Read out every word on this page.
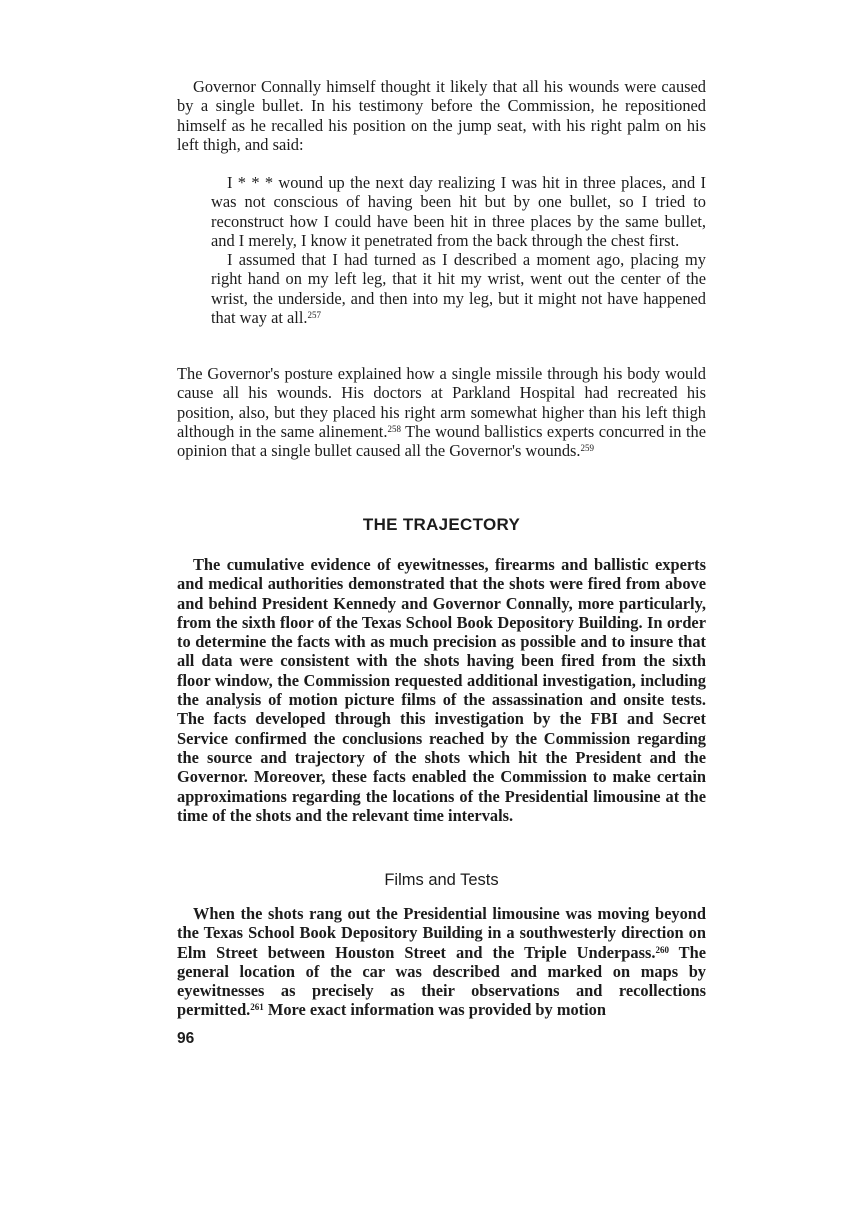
Governor Connally himself thought it likely that all his wounds were caused by a single bullet. In his testimony before the Commission, he repositioned himself as he recalled his position on the jump seat, with his right palm on his left thigh, and said:

I * * * wound up the next day realizing I was hit in three places, and I was not conscious of having been hit but by one bullet, so I tried to reconstruct how I could have been hit in three places by the same bullet, and I merely, I know it penetrated from the back through the chest first.

I assumed that I had turned as I described a moment ago, placing my right hand on my left leg, that it hit my wrist, went out the center of the wrist, the underside, and then into my leg, but it might not have happened that way at all.$^{257}$

The Governor's posture explained how a single missile through his body would cause all his wounds. His doctors at Parkland Hospital had recreated his position, also, but they placed his right arm somewhat higher than his left thigh although in the same alinement.$^{258}$ The wound ballistics experts concurred in the opinion that a single bullet caused all the Governor's wounds.$^{259}$

THE TRAJECTORY

The cumulative evidence of eyewitnesses, firearms and ballistic experts and medical authorities demonstrated that the shots were fired from above and behind President Kennedy and Governor Connally, more particularly, from the sixth floor of the Texas School Book Depository Building. In order to determine the facts with as much precision as possible and to insure that all data were consistent with the shots having been fired from the sixth floor window, the Commission requested additional investigation, including the analysis of motion picture films of the assassination and onsite tests. The facts developed through this investigation by the FBI and Secret Service confirmed the conclusions reached by the Commission regarding the source and trajectory of the shots which hit the President and the Governor. Moreover, these facts enabled the Commission to make certain approximations regarding the locations of the Presidential limousine at the time of the shots and the relevant time intervals.

Films and Tests

When the shots rang out the Presidential limousine was moving beyond the Texas School Book Depository Building in a southwesterly direction on Elm Street between Houston Street and the Triple Underpass.$^{260}$ The general location of the car was described and marked on maps by eyewitnesses as precisely as their observations and recollections permitted.$^{261}$ More exact information was provided by motion

96
